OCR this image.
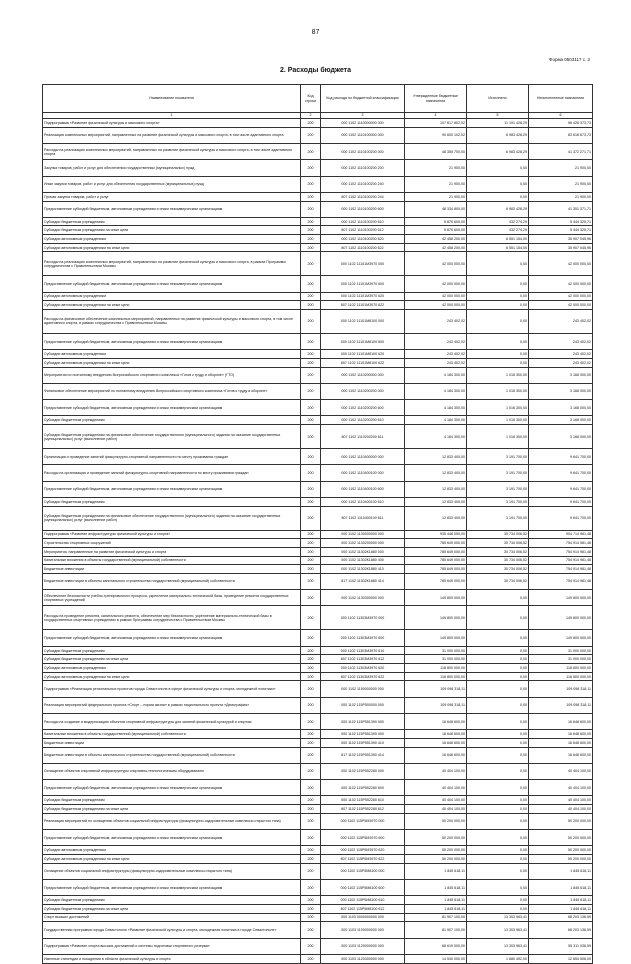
87
Форма 0503117 с. 2
2. Расходы бюджета
Наименование показателя	Код строки	Код расхода по бюджетной классификации	Утвержденные бюджетные назначения	Исполнено	Неисполненные назначения
1	2	3	4	5	6
Подпрограмма «Развитие физической культуры и массового спорта»	200	000 1102 1110000000 000	107 617 802,02	11 191 428,29	96 426 373,73
Реализация комплексных мероприятий, направленных на развитие физической культуры и массового спорта, в том числе адаптивного спорта	200	000 1102 1110100000 000	90 600 102,02	6 983 428,29	83 616 673,73
Расходы на реализацию комплексных мероприятий, направленных на развитие физической культуры и массового спорта, в том числе адаптивного спорта	200	000 1102 1110100200 000	48 355 700,00	6 983 428,29	41 372 271,71
Закупка товаров, работ и услуг для обеспечения государственных (муниципальных) нужд	200	000 1102 1110100200 200	21 900,00	0,00	21 900,00
Иные закупки товаров, работ и услуг для обеспечения государственных (муниципальных) нужд	200	000 1102 1110100200 240	21 900,00	0,00	21 900,00
Прочая закупка товаров, работ и услуг	200	807 1102 1110100200 244	21 900,00	0,00	21 900,00
Предоставление субсидий бюджетным, автономным учреждениям и иным некоммерческим организациям	200	000 1102 1110100200 600	48 334 800,00	6 983 428,29	41 351 371,71
Субсидии бюджетным учреждениям	200	000 1102 1110100200 610	5 876 600,00	432 274,29	5 444 325,71
Субсидии бюджетным учреждениям на иные цели	200	807 1102 1110100200 612	5 876 600,00	432 274,29	5 444 325,71
Субсидии автономным учреждениям	200	000 1102 1110100200 620	42 458 200,00	6 551 154,00	35 907 045,96
Субсидии автономным учреждениям на иные цели	200	807 1102 1110100200 622	42 458 200,00	6 551 154,00	35 907 045,96
Расходы на реализацию комплексных мероприятий, направленных на развитие физической культуры и массового спорта, в рамках Программы сотрудничества с Правительством Москвы	200	000 1102 11101М3970 000	42 000 000,00	0,00	42 000 000,00
Предоставление субсидий бюджетным, автономным учреждениям и иным некоммерческим организациям	200	000 1102 11101М3970 600	42 000 000,00	0,00	42 000 000,00
Субсидии автономным учреждениям	200	000 1102 11101М3970 620	42 000 000,00	0,00	42 000 000,00
Субсидии автономным учреждениям на иные цели	200	807 1102 11101М3970 622	42 000 000,00	0,00	42 000 000,00
Расходы на финансовое обеспечение комплексных мероприятий, направленных на развитие физической культуры и массового спорта, в том числе адаптивного спорта, в рамках сотрудничества с Правительством Москвы	200	000 1102 11101М8100 000	243 402,02	0,00	243 402,02
Предоставление субсидий бюджетным, автономным учреждениям и иным некоммерческим организациям	200	000 1102 11101М8100 600	243 402,02	0,00	243 402,02
Субсидии автономным учреждениям	200	000 1102 11101М8100 620	243 402,02	0,00	243 402,02
Субсидии автономным учреждениям на иные цели	200	807 1102 11101М8100 622	243 402,02	0,00	243 402,02
Мероприятия по поэтапному внедрению Всероссийского спортивного комплекса «Готов к труду и обороне» (ГТО)	200	000 1102 1110200000 000	4 184 300,00	1 016 300,00	3 168 000,00
Финансовое обеспечение мероприятий по поэтапному внедрению Всероссийского спортивного комплекса «Готов к труду и обороне»	200	000 1102 1110200200 000	4 184 300,00	1 016 300,00	3 168 000,00
Предоставление субсидий бюджетным, автономным учреждениям и иным некоммерческим организациям	200	000 1102 1110200200 600	4 184 300,00	1 016 300,00	3 168 000,00
Субсидии бюджетным учреждениям	200	000 1102 1110200200 610	4 184 300,00	1 016 300,00	3 168 000,00
Субсидии бюджетным учреждениям на финансовое обеспечение государственного (муниципального) задания на оказание государственных (муниципальных) услуг (выполнение работ)	200	807 1102 1110200200 611	4 184 300,00	1 016 300,00	3 168 000,00
Организация и проведение занятий физкультурно-спортивной направленности по месту проживания граждан	200	000 1102 1110400000 000	12 833 400,00	3 191 700,00	9 641 700,00
Расходы на организацию и проведение занятий физкультурно-спортивной направленности по месту проживания граждан	200	000 1102 1110400100 000	12 833 400,00	3 191 700,00	9 641 700,00
Предоставление субсидий бюджетным, автономным учреждениям и иным некоммерческим организациям	200	000 1102 1110400100 600	12 833 400,00	3 191 700,00	9 641 700,00
Субсидии бюджетным учреждениям	200	000 1102 1110400100 610	12 833 400,00	3 191 700,00	9 641 700,00
Субсидии бюджетным учреждениям на финансовое обеспечение государственного (муниципального) задания на оказание государственных (муниципальных) услуг (выполнение работ)	200	807 1102 1110400100 611	12 833 400,00	3 191 700,00	9 641 700,00
Подпрограмма «Развитие инфраструктуры физической культуры и спорта»	200	000 1102 1130000000 000	935 448 050,00	30 734 006,52	904 714 981,48
Строительство спортивных сооружений	200	000 1102 1130200000 000	785 649 000,00	30 734 006,52	754 914 981,48
Мероприятия, направленные на развитие физической культуры и спорта	200	000 1102 11302К1880 000	785 649 000,00	30 734 006,52	754 914 981,48
Капитальные вложения в объекты государственной (муниципальной) собственности	200	000 1102 11302К1880 400	785 649 000,00	30 734 006,52	754 914 981,48
Бюджетные инвестиции	200	000 1102 11302К1880 410	785 649 000,00	30 734 006,52	754 914 981,48
Бюджетные инвестиции в объекты капитального строительства государственной (муниципальной) собственности	200	817 1102 11302К1880 414	785 649 000,00	30 734 006,52	754 914 981,48
Обеспечение безопасности учебно-тренировочного процесса, укрепление материально-технической базы, проведение ремонта государственных спортивных учреждений	200	000 1102 1130300000 000	149 800 000,00	0,00	149 800 000,00
Расходы на проведение ремонта, капитального ремонта, обеспечение мер безопасности, укрепление материально-технической базы в государственных спортивных учреждениях в рамках Программы сотрудничества с Правительством Москвы	200	000 1102 11303М3970 000	149 800 000,00	0,00	149 800 000,00
Предоставление субсидий бюджетным, автономным учреждениям и иным некоммерческим организациям	200	000 1102 11303М3970 600	149 800 000,00	0,00	149 800 000,00
Субсидии бюджетным учреждениям	200	000 1102 11303М3970 610	31 000 000,00	0,00	31 000 000,00
Субсидии бюджетным учреждениям на иные цели	200	807 1102 11303М3970 612	31 000 000,00	0,00	31 000 000,00
Субсидии автономным учреждениям	200	000 1102 11303М3970 620	118 800 000,00	0,00	118 800 000,00
Субсидии автономным учреждениям на иные цели	200	807 1102 11303М3970 622	118 800 000,00	0,00	118 800 000,00
Подпрограмма «Реализация региональных проектов города Севастополя в сфере физической культуры и спорта, молодежной политики»	200	000 1102 1150000000 000	109 098 318,11	0,00	109 098 318,11
Реализация мероприятий федерального проекта «Спорт – норма жизни» в рамках национального проекта «Демография»	200	000 1102 115P500000 000	109 098 318,11	0,00	109 098 318,11
Расходы на создание и модернизацию объектов спортивной инфраструктуры для занятий физической культурой и спортом	200	000 1102 115P551390 000	16 648 600,00	0,00	16 648 600,00
Капитальные вложения в объекты государственной (муниципальной) собственности	200	000 1102 115P551390 400	16 648 600,00	0,00	16 648 600,00
Бюджетные инвестиции	200	000 1102 115P551390 410	16 648 600,00	0,00	16 648 600,00
Бюджетные инвестиции в объекты капитального строительства государственной (муниципальной) собственности	200	817 1102 115P551390 414	16 648 600,00	0,00	16 648 600,00
Оснащение объектов спортивной инфраструктуры спортивно-технологическим оборудованием	200	000 1102 115P552280 000	40 404 100,00	0,00	40 404 100,00
Предоставление субсидий бюджетным, автономным учреждениям и иным некоммерческим организациям	200	000 1102 115P552280 600	40 404 100,00	0,00	40 404 100,00
Субсидии бюджетным учреждениям	200	000 1102 115P552280 610	40 404 100,00	0,00	40 404 100,00
Субсидии бюджетным учреждениям на иные цели	200	807 1102 115P552280 612	40 404 100,00	0,00	40 404 100,00
Реализация мероприятий по оснащению объектов социальной инфраструктуры (физкультурно-оздоровительные комплексы открытого типа)	200	000 1102 115P5M3970 000	50 200 000,00	0,00	50 200 000,00
Предоставление субсидий бюджетным, автономным учреждениям и иным некоммерческим организациям	200	000 1102 115P5M3970 600	50 200 000,00	0,00	50 200 000,00
Субсидии автономным учреждениям	200	000 1102 115P5M3970 620	50 200 000,00	0,00	50 200 000,00
Субсидии автономным учреждениям на иные цели	200	807 1102 115P5M3970 622	50 200 000,00	0,00	50 200 000,00
Оснащение объектов социальной инфраструктуры (физкультурно-оздоровительные комплексы открытого типа)	200	000 1102 115P5M8100 000	1 845 618,11	0,00	1 845 618,11
Предоставление субсидий бюджетным, автономным учреждениям и иным некоммерческим организациям	200	000 1102 115P5M8100 600	1 845 618,11	0,00	1 845 618,11
Субсидии бюджетным учреждениям	200	000 1102 115P5M8100 610	1 845 618,11	0,00	1 845 618,11
Субсидии бюджетным учреждениям на иные цели	200	807 1102 115P5M8100 612	1 845 618,11	0,00	1 845 618,11
Спорт высших достижений	200	000 1103 0000000000 000	81 507 100,00	13 303 963,41	68 203 136,59
Государственная программа города Севастополя «Развитие физической культуры и спорта, молодежная политика в городе Севастополе»	200	000 1103 1100000000 000	81 507 100,00	13 303 963,41	68 203 136,59
Подпрограмма «Развитие спорта высших достижений и системы подготовки спортивного резерва»	200	000 1103 1120000000 000	68 619 000,00	13 303 963,41	55 311 036,59
Именные стипендии и поощрения в области физической культуры и спорта	200	000 1103 1120300000 000	14 530 000,00	1 680 492,00	12 854 508,00
